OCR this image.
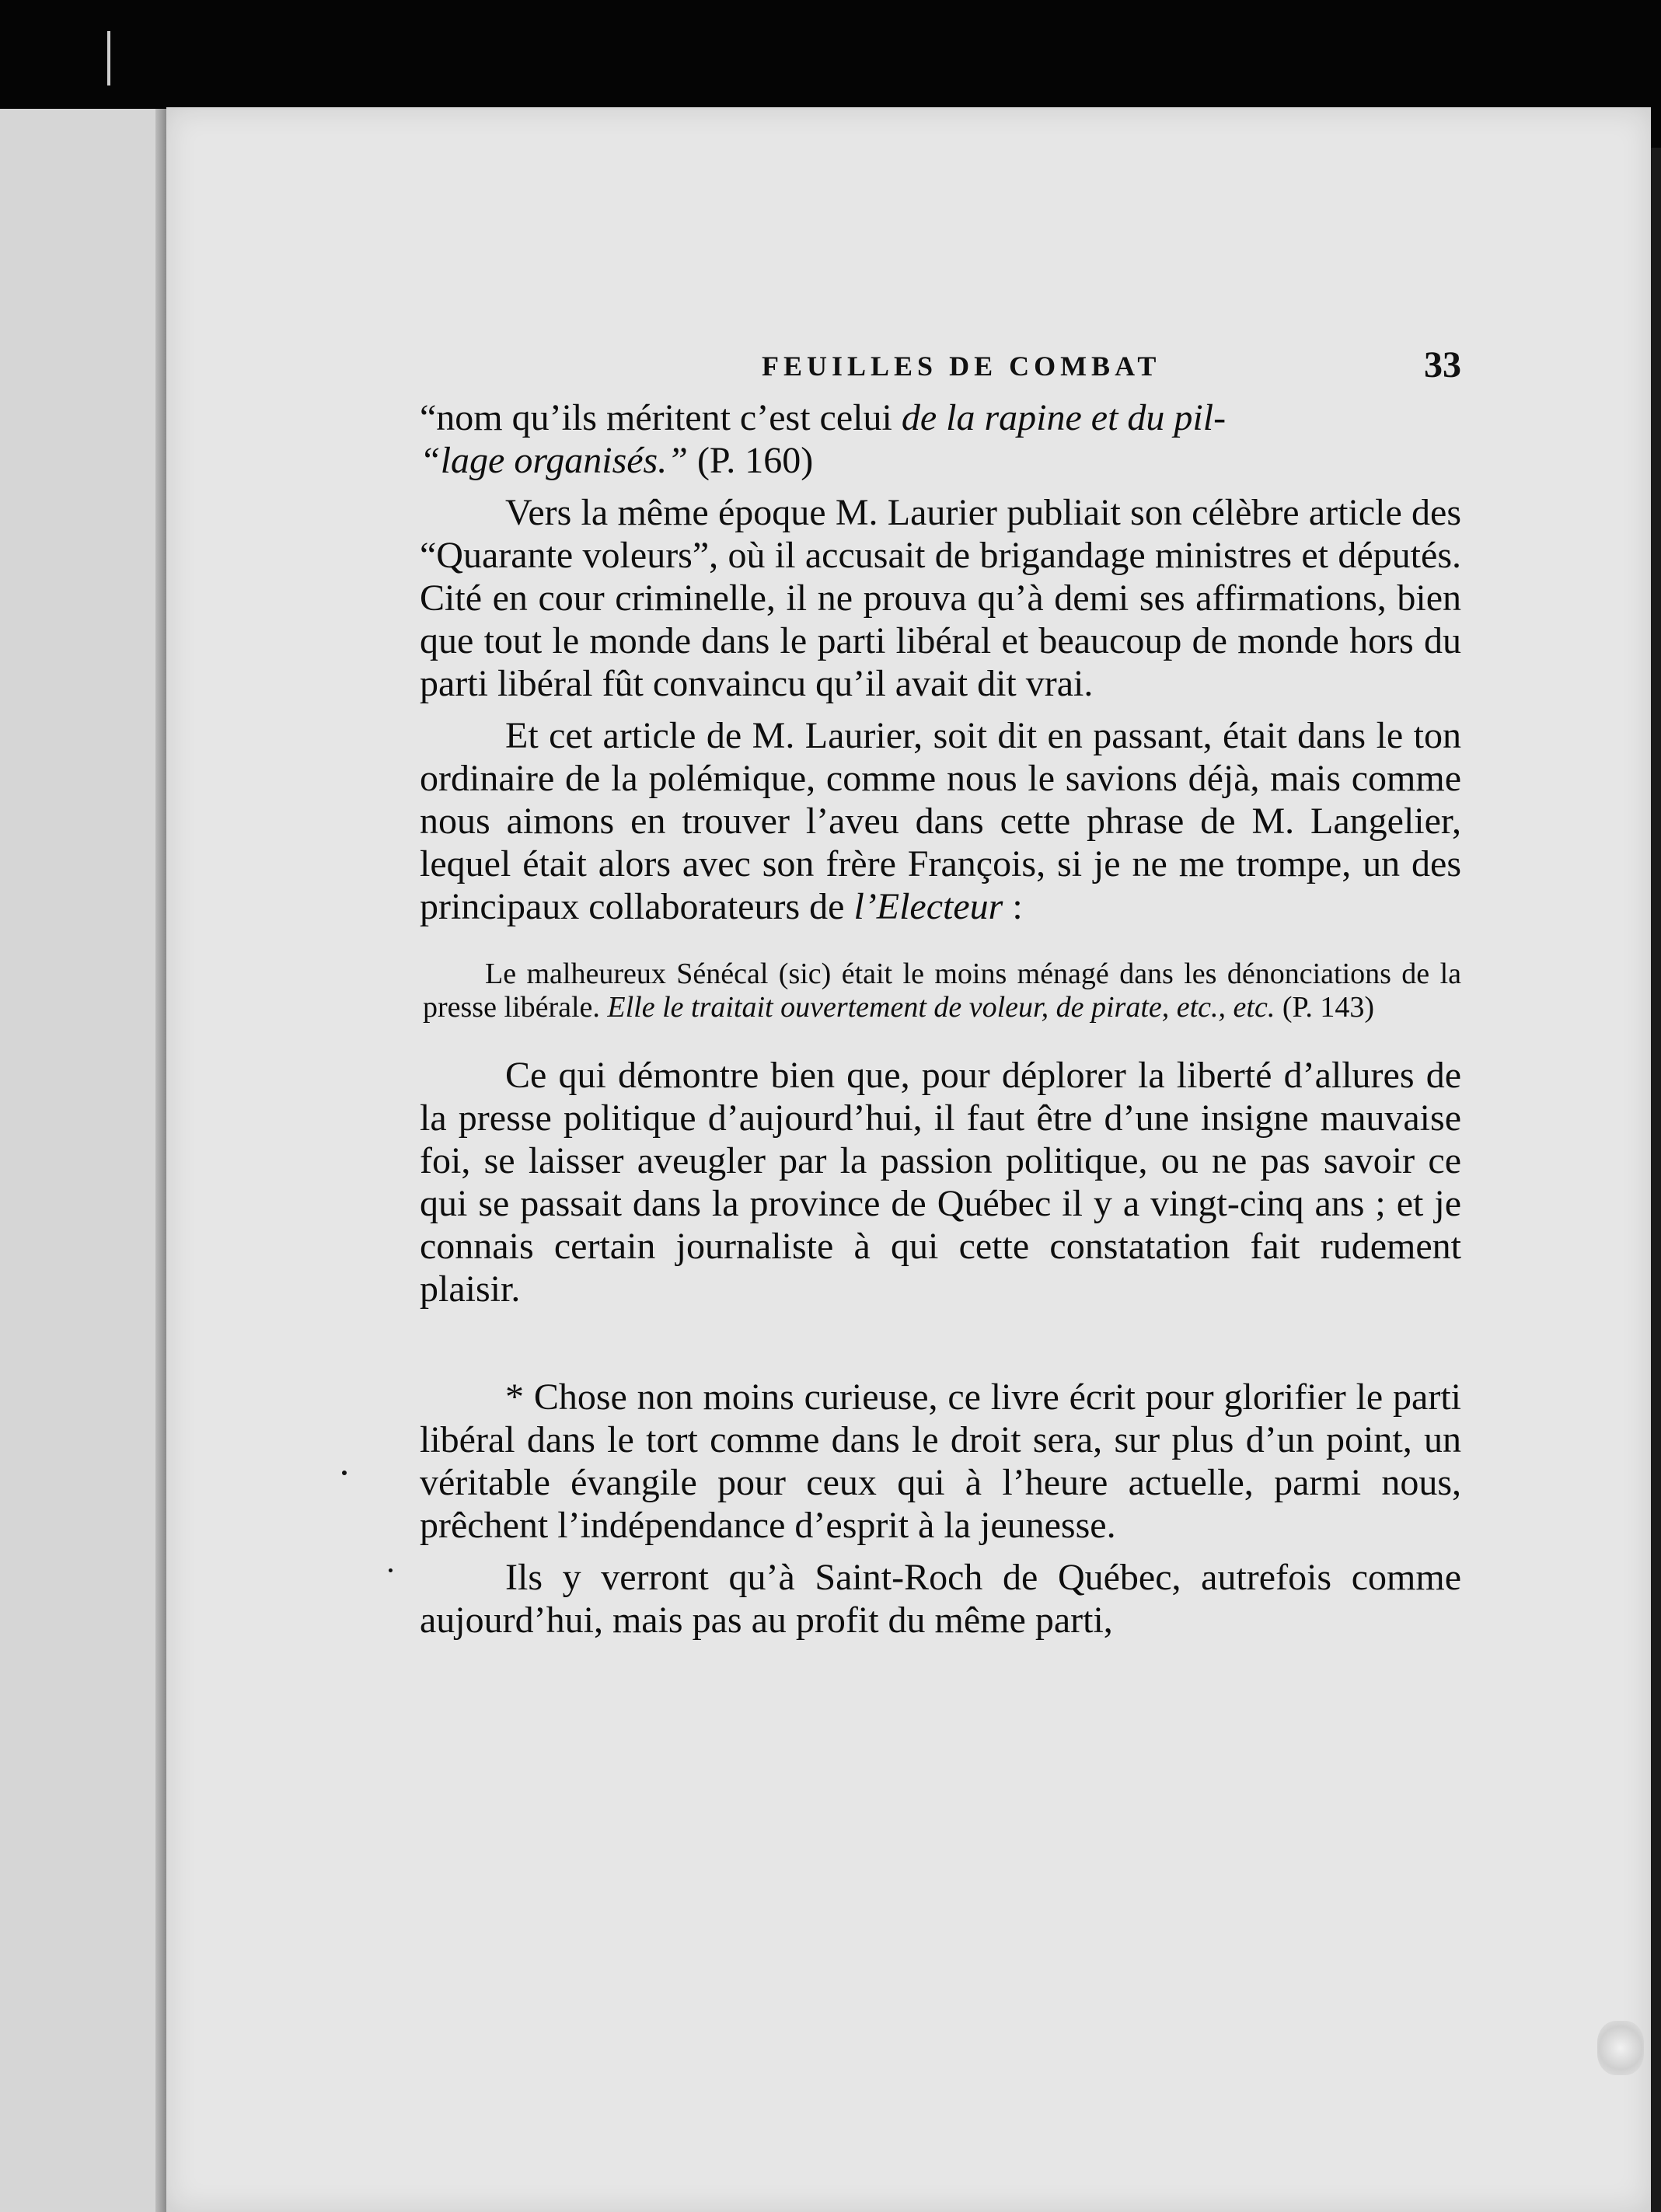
FEUILLES DE COMBAT	33

“nom qu’ils méritent c’est celui de la rapine et du pil-
“lage organisés.” (P. 160)

Vers la même époque M. Laurier publiait son célèbre article des “Quarante voleurs”, où il accusait de brigandage ministres et députés. Cité en cour criminelle, il ne prouva qu’à demi ses affirmations, bien que tout le monde dans le parti libéral et beaucoup de monde hors du parti libéral fût convaincu qu’il avait dit vrai.

Et cet article de M. Laurier, soit dit en passant, était dans le ton ordinaire de la polémique, comme nous le savions déjà, mais comme nous aimons en trouver l’aveu dans cette phrase de M. Langelier, lequel était alors avec son frère François, si je ne me trompe, un des principaux collaborateurs de l’Electeur :

Le malheureux Sénécal (sic) était le moins ménagé dans les dénonciations de la presse libérale. Elle le traitait ouvertement de voleur, de pirate, etc., etc. (P. 143)

Ce qui démontre bien que, pour déplorer la liberté d’allures de la presse politique d’aujourd’hui, il faut être d’une insigne mauvaise foi, se laisser aveugler par la passion politique, ou ne pas savoir ce qui se passait dans la province de Québec il y a vingt-cinq ans ; et je connais certain journaliste à qui cette constatation fait rudement plaisir.

* Chose non moins curieuse, ce livre écrit pour glorifier le parti libéral dans le tort comme dans le droit sera, sur plus d’un point, un véritable évangile pour ceux qui à l’heure actuelle, parmi nous, prêchent l’indépendance d’esprit à la jeunesse.

Ils y verront qu’à Saint-Roch de Québec, autrefois comme aujourd’hui, mais pas au profit du même parti,
